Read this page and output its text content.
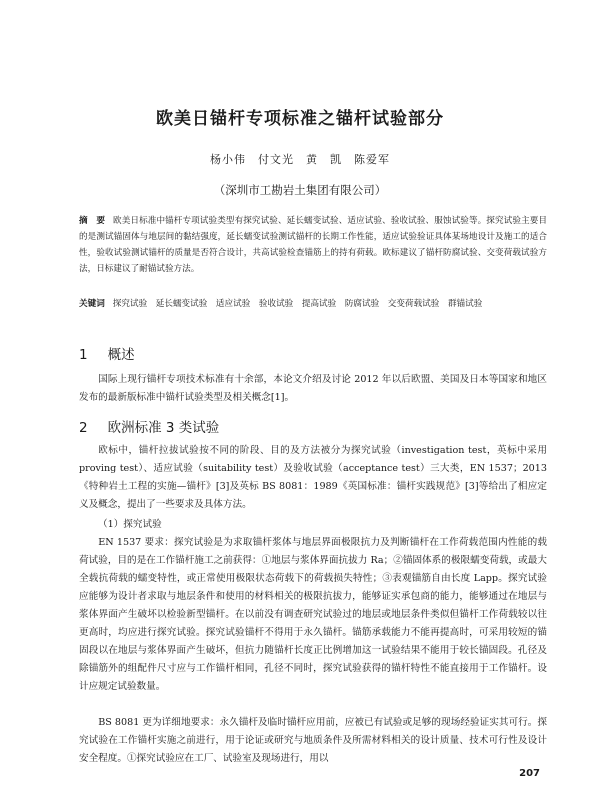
欧美日锚杆专项标准之锚杆试验部分
杨小伟　付文光　黄　凯　陈爱军
（深圳市工勘岩土集团有限公司）
摘　要 欧美日标准中锚杆专项试验类型有探究试验、延长蠕变试验、适应试验、验收试验、服蚀试验等。探究试验主要目的是测试锚固体与地层间的黏结强度，延长蠕变试验测试锚杆的长期工作性能，适应试验验证具体某场地设计及施工的适合性，验收试验测试锚杆的质量是否符合设计，共高试验检查锚筋上的持有荷载。欧标建议了锚杆防腐试验、交变荷载试验方法，日标建议了耐锚试验方法。
关键词 探究试验　延长蠕变试验　适应试验　验收试验　提高试验　防腐试验　交变荷载试验　群锚试验
1 概述
国际上现行锚杆专项技术标准有十余部，本论文介绍及讨论 2012 年以后欧盟、美国及日本等国家和地区发布的最新版标准中锚杆试验类型及相关概念[1]。
2 欧洲标准 3 类试验
欧标中，锚杆拉拔试验按不同的阶段、目的及方法被分为探究试验（investigation test，英标中采用 proving test）、适应试验（suitability test）及验收试验（acceptance test）三大类，EN 1537；2013《特种岩土工程的实施—锚杆》[3]及英标 BS 8081：1989《英国标准：锚杆实践规范》[3]等给出了相应定义及概念，提出了一些要求及具体方法。
（1）探究试验
EN 1537 要求：探究试验是为求取锚杆浆体与地层界面极限抗力及判断锚杆在工作荷载范围内性能的载荷试验，目的是在工作锚杆施工之前获得：①地层与浆体界面抗拔力 Ra；②锚固体系的极限蠕变荷载，或最大全载抗荷载的蠕变特性，或正常使用极限状态荷载下的荷载损失特性；③表观锚筋自由长度 Lapp。探究试验应能够为设计者求取与地层条件和使用的材料相关的极限抗拔力，能够证实承包商的能力，能够通过在地层与浆体界面产生破坏以检验新型锚杆。在以前没有调查研究试验过的地层或地层条件类似但锚杆工作荷载较以往更高时，均应进行探究试验。探究试验锚杆不得用于永久锚杆。锚筋承载能力不能再提高时，可采用较短的锚固段以在地层与浆体界面产生破坏，但抗力随锚杆长度正比例增加这一试验结果不能用于较长锚固段。孔径及除锚筋外的组配件尺寸应与工作锚杆相同，孔径不同时，探究试验获得的锚杆特性不能直接用于工作锚杆。设计应规定试验数量。
BS 8081 更为详细地要求：永久锚杆及临时锚杆应用前，应被已有试验或足够的现场经验证实其可行。探究试验在工作锚杆实施之前进行，用于论证或研究与地质条件及所需材料相关的设计质量、技术可行性及设计安全程度。①探究试验应在工厂、试验室及现场进行，用以
207
